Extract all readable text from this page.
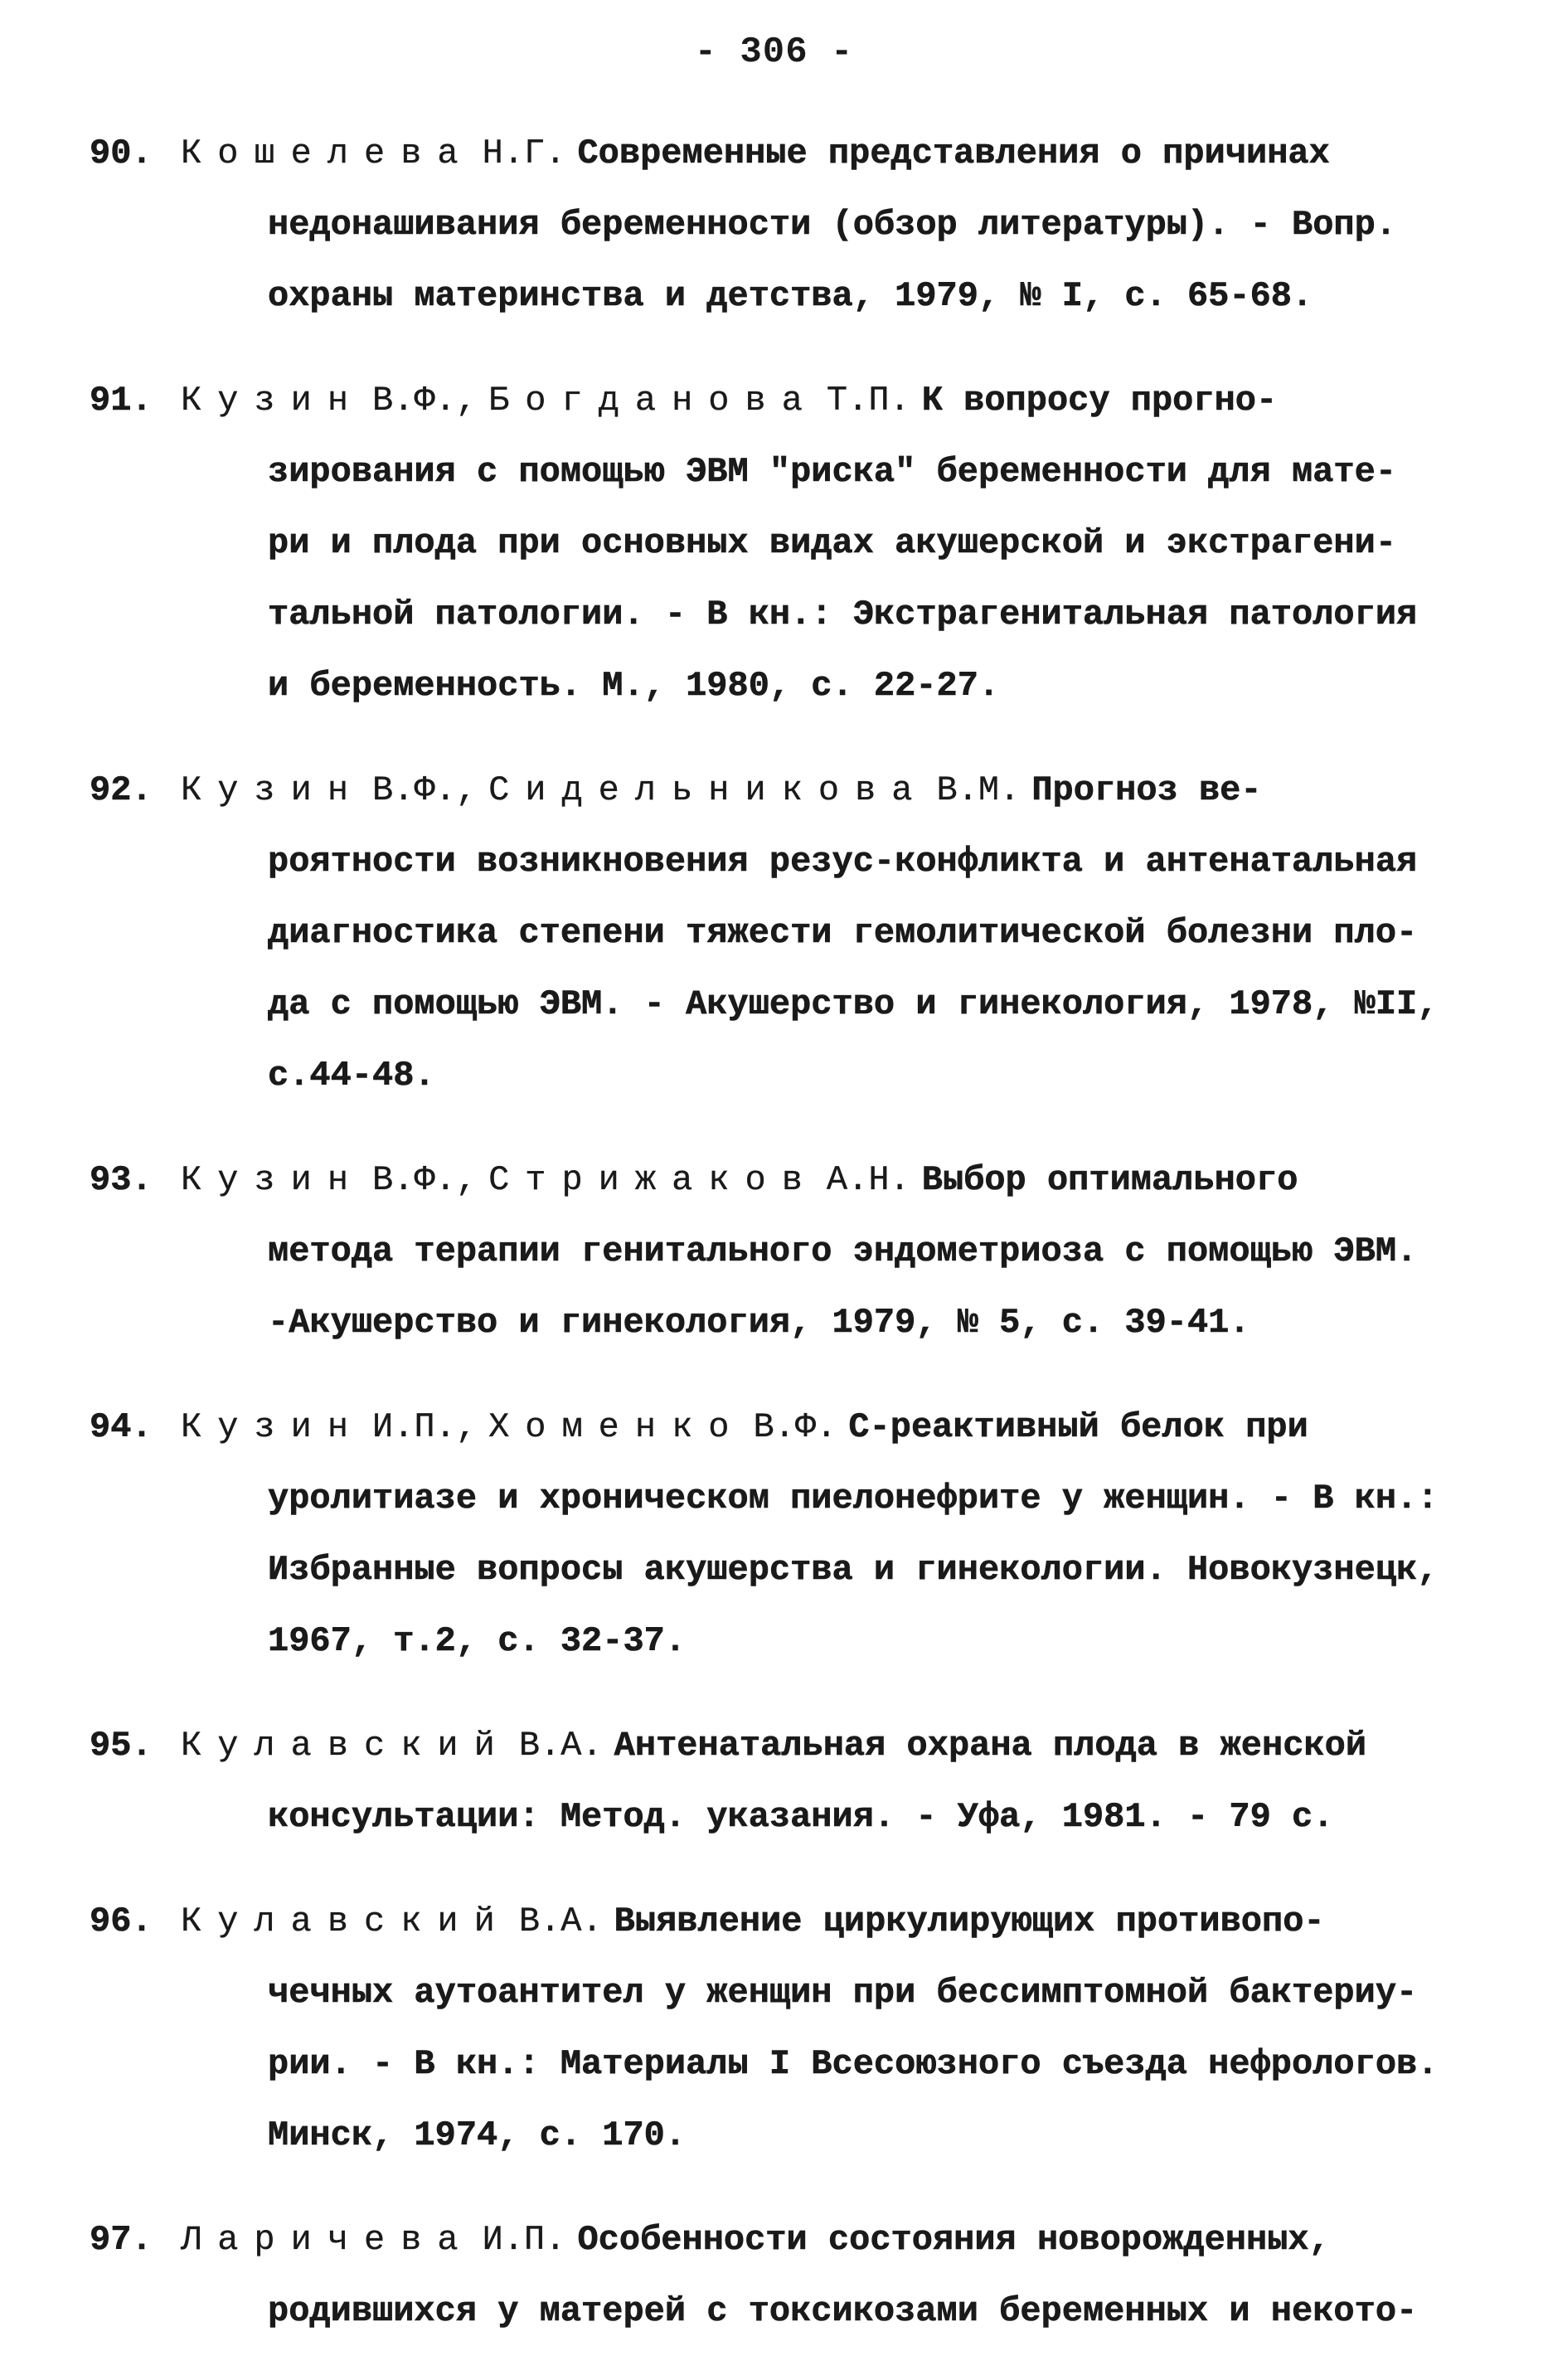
- 306 -
90. Кошелева Н.Г. Современные представления о причинах
недонашивания беременности (обзор литературы). - Вопр.
охраны материнства и детства, 1979, № I, с. 65-68.
91. Кузин В.Ф., Богданова Т.П. К вопросу прогно-
зирования с помощью ЭВМ "риска" беременности для мате-
ри и плода при основных видах акушерской и экстрагени-
тальной патологии. - В кн.: Экстрагенитальная патология
и беременность. М., 1980, с. 22-27.
92. Кузин В.Ф., Сидельникова В.М. Прогноз ве-
роятности возникновения резус-конфликта и антенатальная
диагностика степени тяжести гемолитической болезни пло-
да с помощью ЭВМ. - Акушерство и гинекология, 1978, №II,
с.44-48.
93. Кузин В.Ф., Стрижаков А.Н. Выбор оптимального
метода терапии генитального эндометриоза с помощью ЭВМ.
-Акушерство и гинекология, 1979, № 5, с. 39-41.
94. Кузин И.П., Хоменко В.Ф. С-реактивный белок при
уролитиазе и хроническом пиелонефрите у женщин. - В кн.:
Избранные вопросы акушерства и гинекологии. Новокузнецк,
1967, т.2, с. 32-37.
95. Кулавский В.А. Антенатальная охрана плода в женской
консультации: Метод. указания. - Уфа, 1981. - 79 с.
96. Кулавский В.А. Выявление циркулирующих противопо-
чечных аутоантител у женщин при бессимптомной бактериу-
рии. - В кн.: Материалы I Всесоюзного съезда нефрологов.
Минск, 1974, с. 170.
97. Ларичева И.П. Особенности состояния новорожденных,
родившихся у матерей с токсикозами беременных и некото-
